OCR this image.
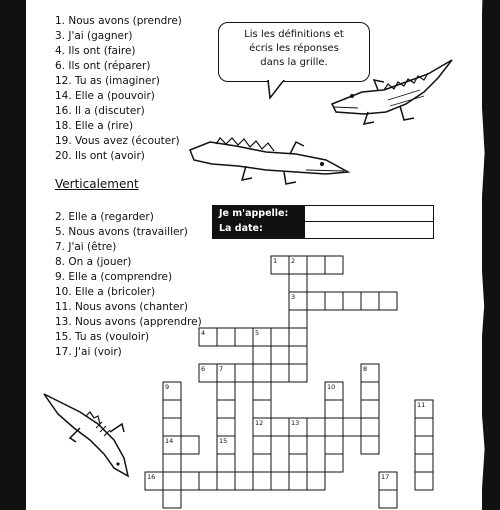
1. Nous avons (prendre)
3. J'ai (gagner)
4. Ils ont (faire)
6. Ils ont (réparer)
12. Tu as (imaginer)
14. Elle a (pouvoir)
16. Il a (discuter)
18. Elle a (rire)
19. Vous avez (écouter)
20. Ils ont (avoir)
Verticalement
2. Elle a (regarder)
5. Nous avons (travailler)
7. J'ai (être)
8. On a (jouer)
9. Elle a (comprendre)
10. Elle a (bricoler)
11. Nous avons (chanter)
13. Nous avons (apprendre)
15. Tu as (vouloir)
17. J'ai (voir)
Lis les définitions et
écris les réponses
dans la grille.
Je m'appelle:
La date:
1 2
3
4	5
6 7	8
9	10
11
12	13
14	15
16	17
